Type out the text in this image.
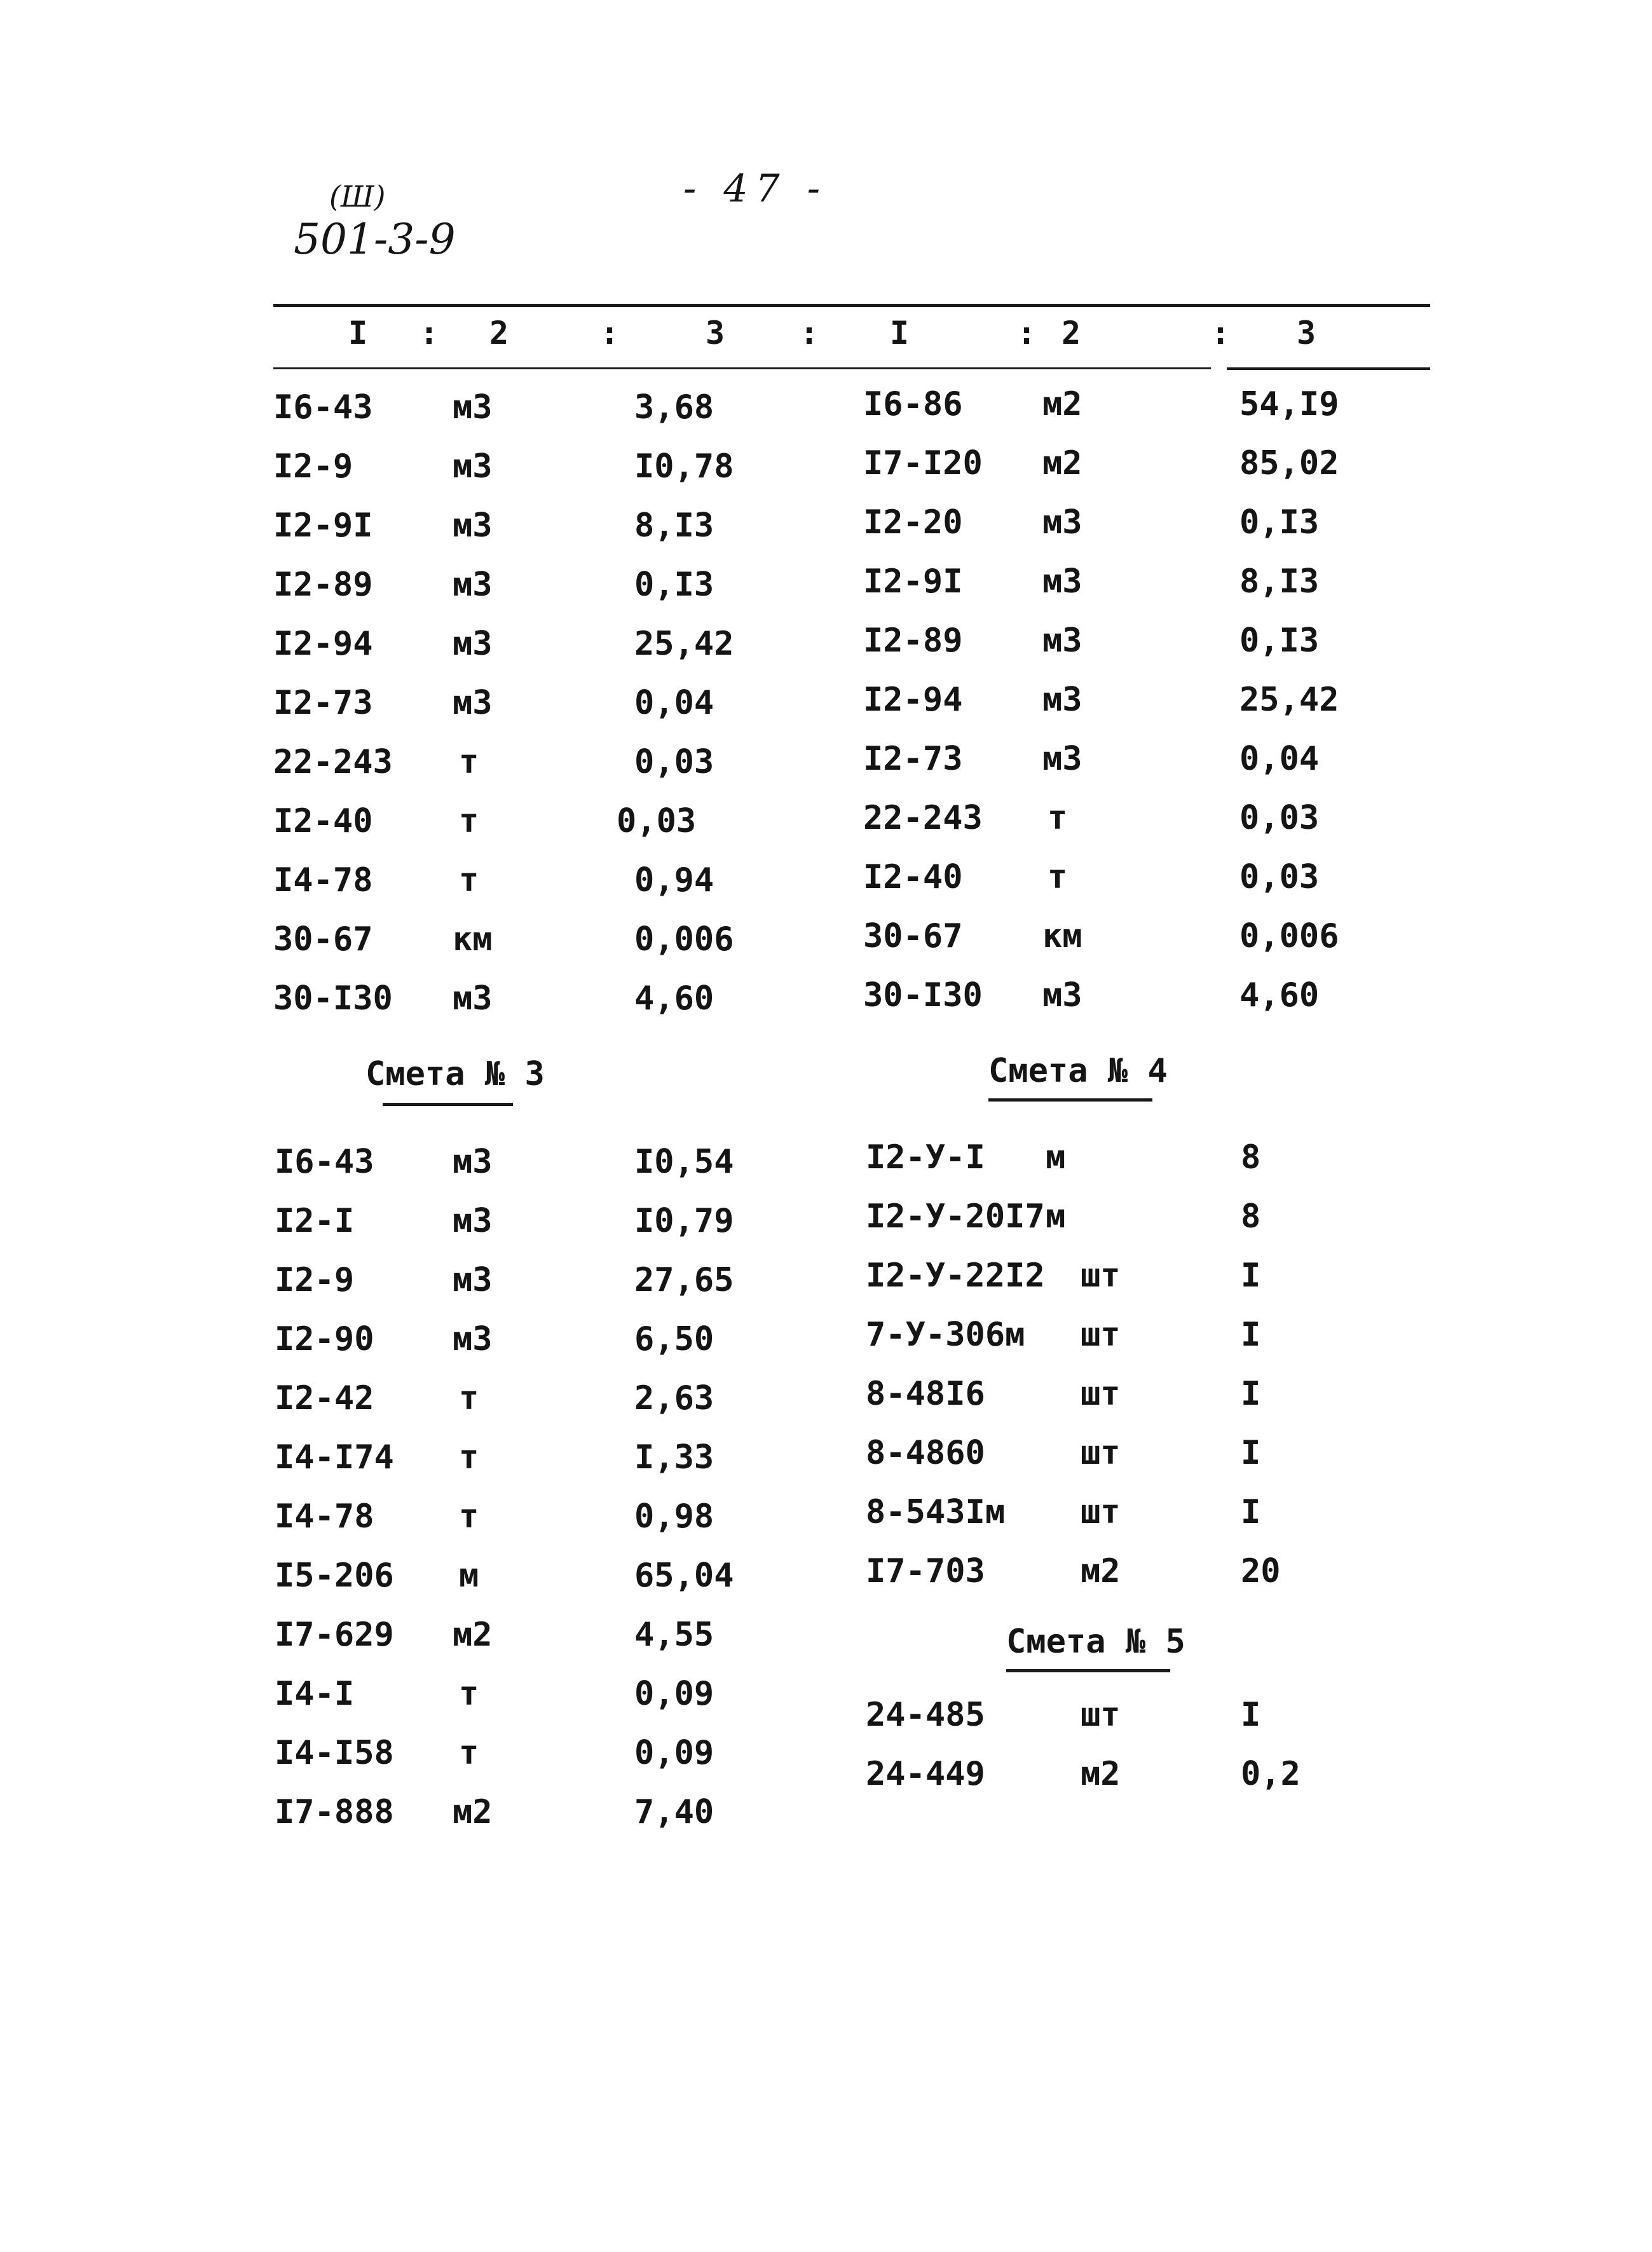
(Ш)
501-3-9
- 47 -
I : 2	:	3 : I	: 2	: 3
I6-43 м3	3,68
I2-9	м3	I0,78
I2-9I м3	8,I3
I2-89 м3	0,I3
I2-94 м3	25,42
I2-73 м3	0,04
22-243 т	0,03
I2-40	т	0,03
I4-78	т	0,94
30-67 км	0,006
30-I30 м3	4,60
I6-86 м2	54,I9
I7-I20 м2	85,02
I2-20 м3	0,I3
I2-9I м3	8,I3
I2-89 м3	0,I3
I2-94 м3	25,42
I2-73 м3	0,04
22-243 т	0,03
I2-40	т	0,03
30-67 км	0,006
30-I30 м3	4,60
Смета № 3	Смета № 4
Смета № 5
I6-43 м3	I0,54
I2-I	м3	I0,79
I2-9	м3	27,65
I2-90 м3	6,50
I2-42	т	2,63
I4-I74 т	I,33
I4-78	т	0,98
I5-206 м	65,04
I7-629 м2	4,55
I4-I	т	0,09
I4-I58 т	0,09
I7-888 м2	7,40
I2-У-I м	8
I2-У-20I7 м	8
I2-У-22I2 шт	I
7-У-306м шт	I
8-48I6	шт	I
8-4860	шт	I
8-543Iм шт	I
I7-703	м2	20
24-485	шт	I
24-449	м2	0,2
